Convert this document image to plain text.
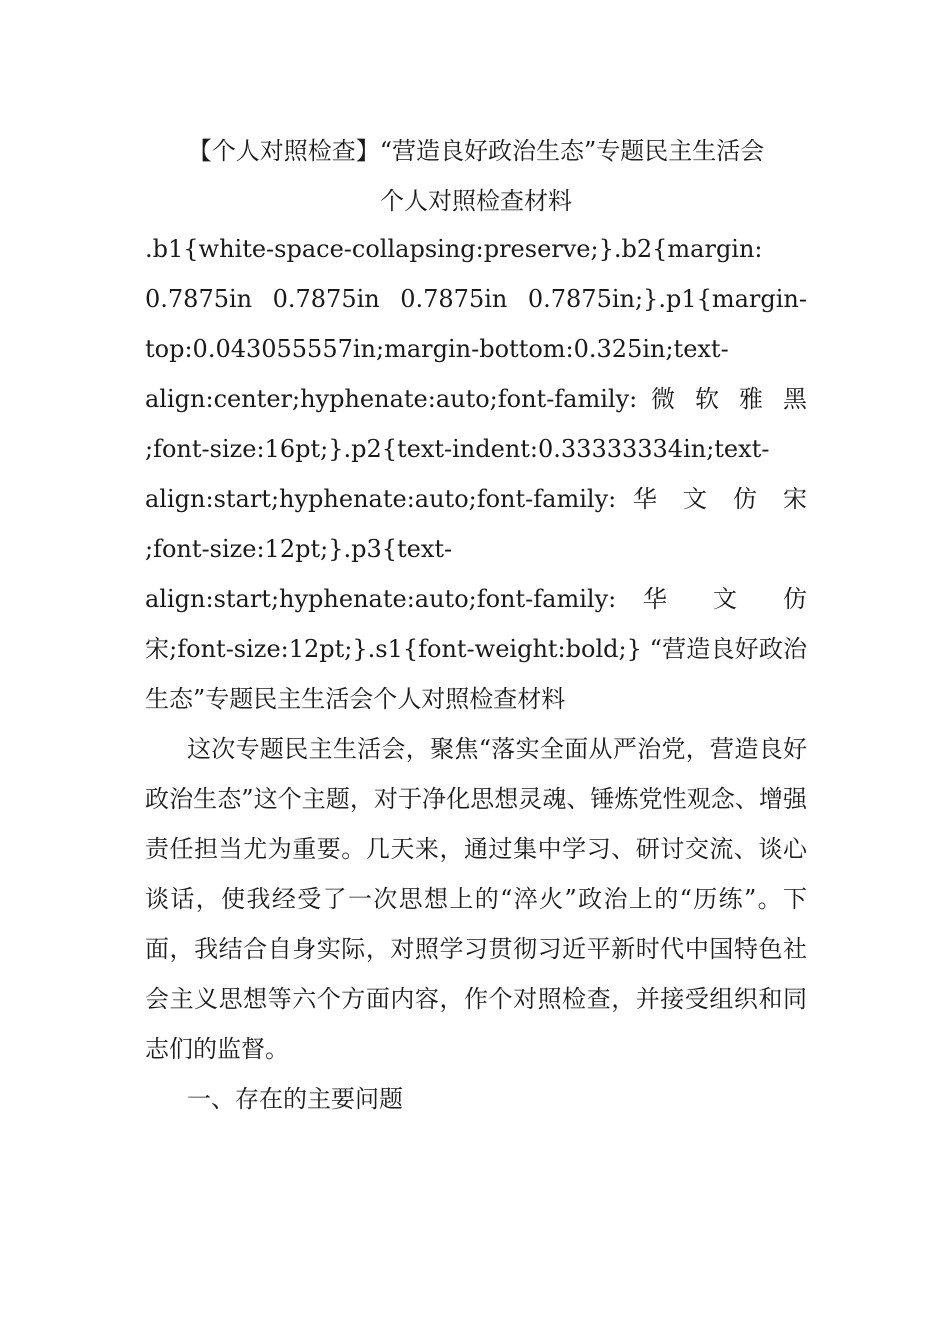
【个人对照检查】“营造良好政治生态”专题民主生活会
个人对照检查材料

.b1{white-space-collapsing:preserve;}.b2{margin: 0.7875in 0.7875in 0.7875in 0.7875in;}.p1{margin-top:0.043055557in;margin-bottom:0.325in;text-align:center;hyphenate:auto;font-family: 微 软 雅 黑 ;font-size:16pt;}.p2{text-indent:0.33333334in;text-align:start;hyphenate:auto;font-family: 华 文 仿 宋 ;font-size:12pt;}.p3{text-align:start;hyphenate:auto;font-family: 华 文 仿 宋;font-size:12pt;}.s1{font-weight:bold;} “营造良好政治生态”专题民主生活会个人对照检查材料

这次专题民主生活会，聚焦“落实全面从严治党，营造良好政治生态”这个主题，对于净化思想灵魂、锤炼党性观念、增强责任担当尤为重要。几天来，通过集中学习、研讨交流、谈心谈话，使我经受了一次思想上的“淬火”政治上的“历练”。下面，我结合自身实际，对照学习贯彻习近平新时代中国特色社会主义思想等六个方面内容，作个对照检查，并接受组织和同志们的监督。

一、存在的主要问题
